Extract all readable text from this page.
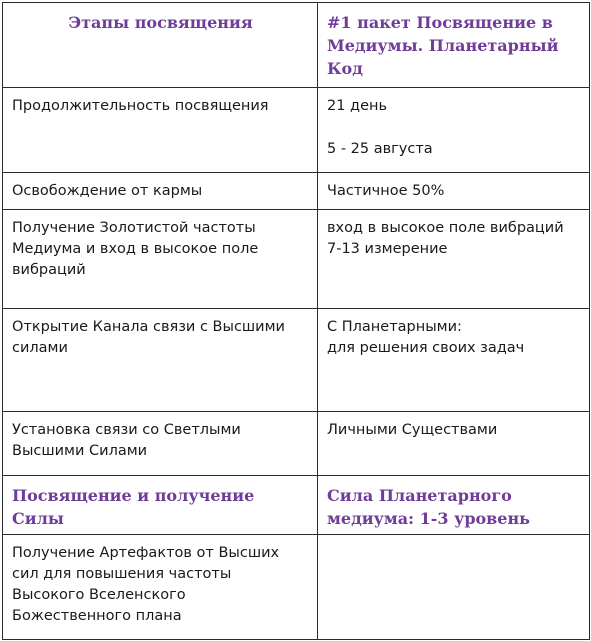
Этапы посвящения	#1 пакет Посвящение в
Медиумы. Планетарный
Код

Продолжительность посвящения	21 день
5 - 25 августа

Освобождение от кармы	Частичное 50%

Получение Золотистой частоты
Медиума и вход в высокое поле
вибраций	вход в высокое поле вибраций
7-13 измерение

Открытие Канала связи с Высшими
силами	С Планетарными:
для решения своих задач

Установка связи со Светлыми
Высшими Силами	Личными Существами

Посвящение и получение Силы	Сила Планетарного
медиума: 1-3 уровень

Получение Артефактов от Высших
сил для повышения частоты
Высокого Вселенского
Божественного плана	
